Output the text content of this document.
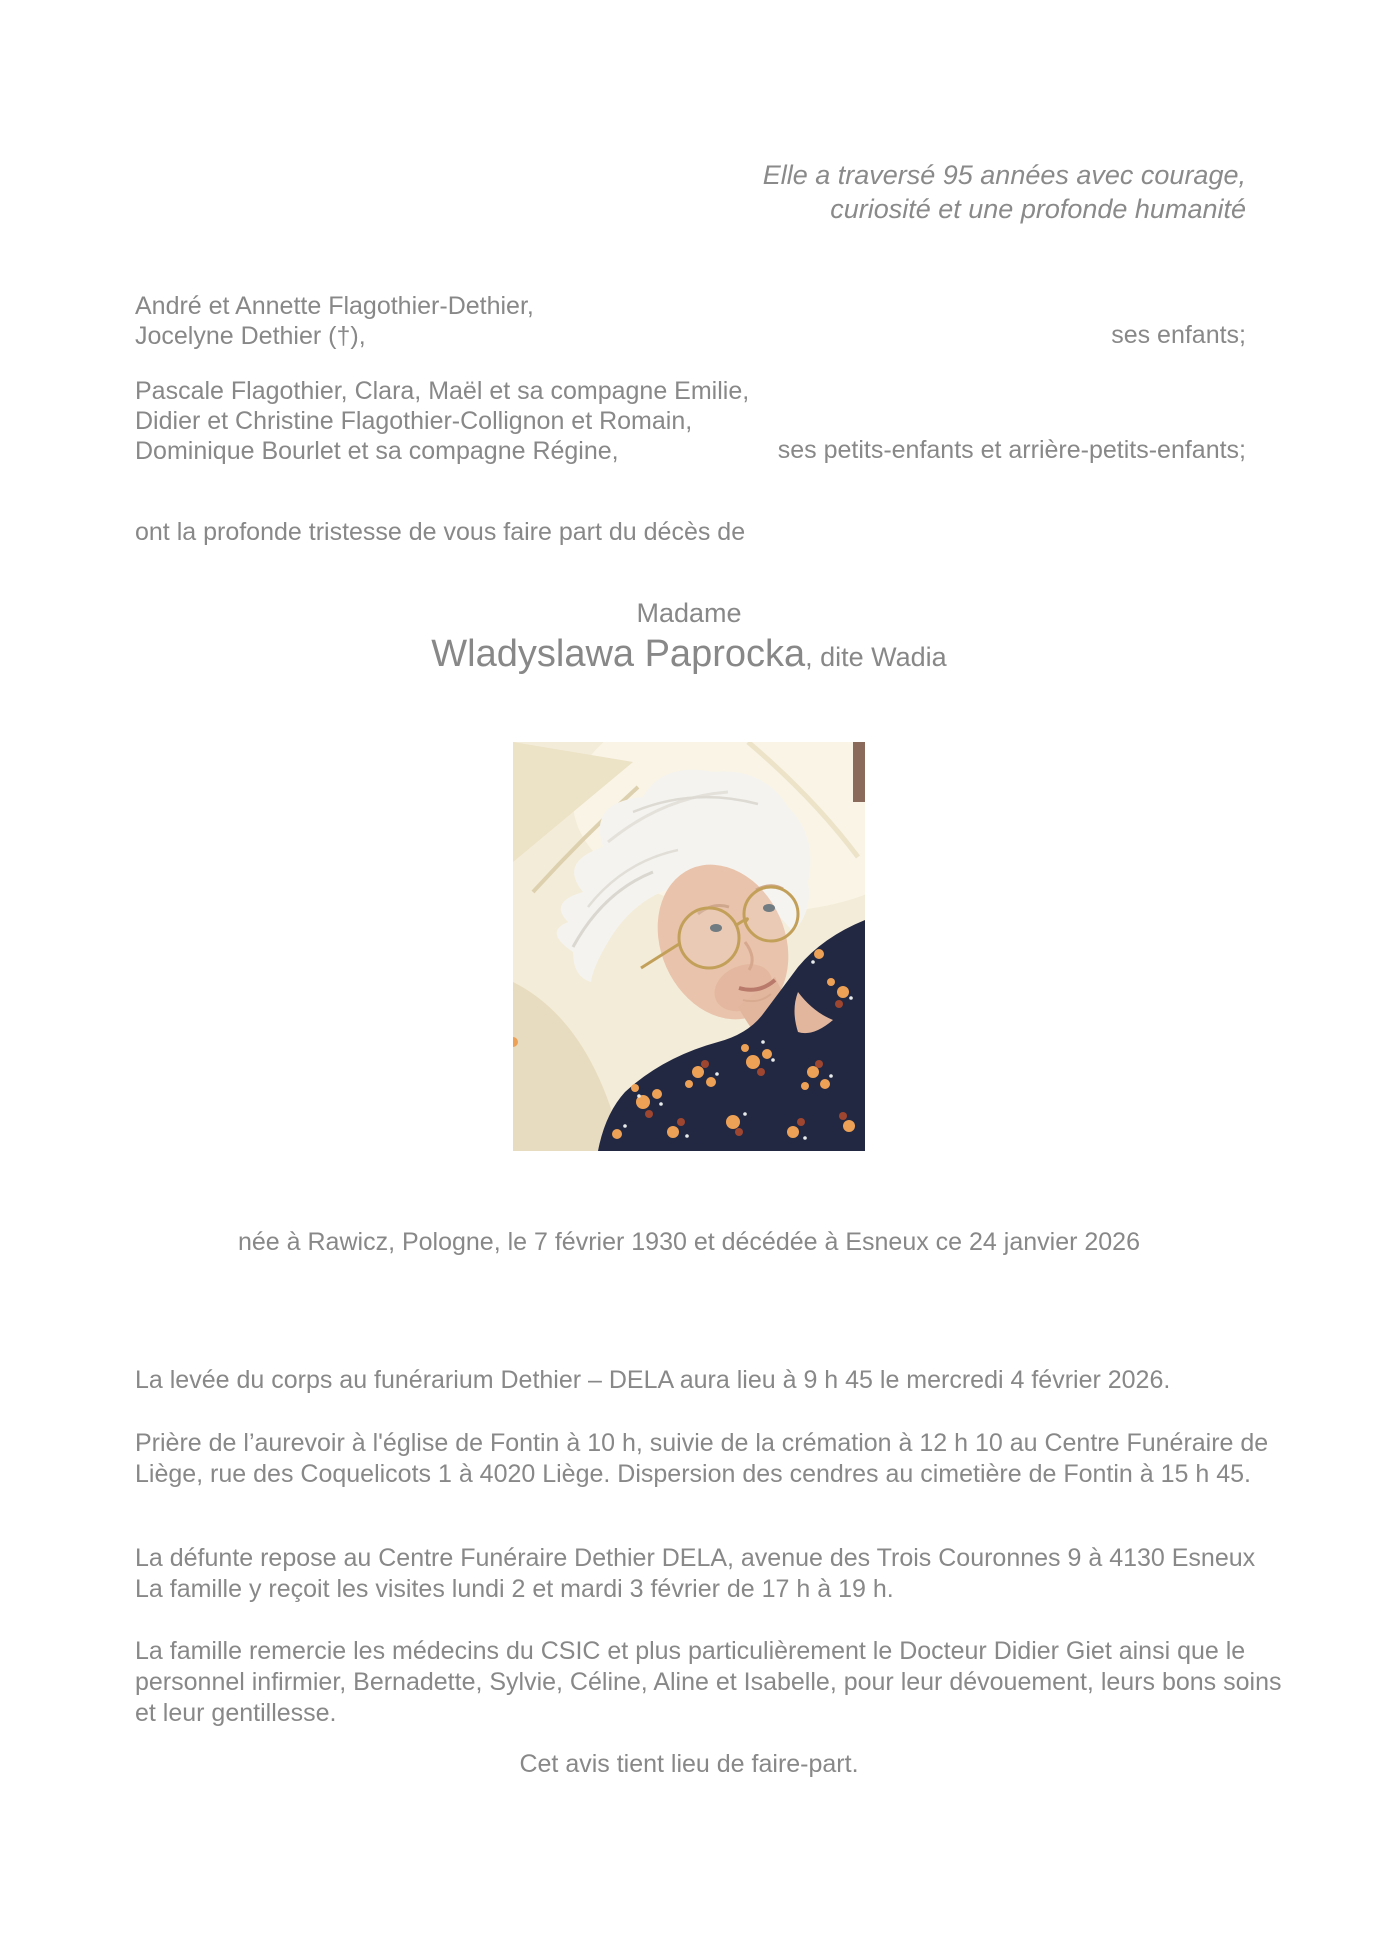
Elle a traversé 95 années avec courage,
curiosité et une profonde humanité
André et Annette Flagothier-Dethier,
Jocelyne Dethier (†),	ses enfants;
Pascale Flagothier, Clara, Maël et sa compagne Emilie,
Didier et Christine Flagothier-Collignon et Romain,
Dominique Bourlet et sa compagne Régine,	ses petits-enfants et arrière-petits-enfants;
ont la profonde tristesse de vous faire part du décès de
Madame
Wladyslawa Paprocka, dite Wadia
née à Rawicz, Pologne, le 7 février 1930 et décédée à Esneux ce 24 janvier 2026
La levée du corps au funérarium Dethier – DELA aura lieu à 9 h 45 le mercredi 4 février 2026.
Prière de l’aurevoir à l'église de Fontin à 10 h, suivie de la crémation à 12 h 10 au Centre Funéraire de
Liège, rue des Coquelicots 1 à 4020 Liège. Dispersion des cendres au cimetière de Fontin à 15 h 45.
La défunte repose au Centre Funéraire Dethier DELA, avenue des Trois Couronnes 9 à 4130 Esneux
La famille y reçoit les visites lundi 2 et mardi 3 février de 17 h à 19 h.
La famille remercie les médecins du CSIC et plus particulièrement le Docteur Didier Giet ainsi que le
personnel infirmier, Bernadette, Sylvie, Céline, Aline et Isabelle, pour leur dévouement, leurs bons soins
et leur gentillesse.
Cet avis tient lieu de faire-part.
